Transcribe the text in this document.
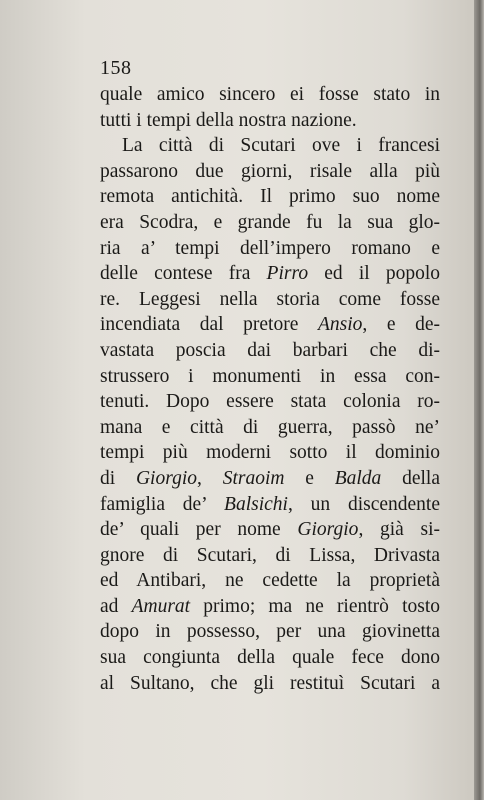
158
quale amico sincero ei fosse stato in
tutti i tempi della nostra nazione.
La città di Scutari ove i francesi
passarono due giorni, risale alla più
remota antichità. Il primo suo nome
era Scodra, e grande fu la sua glo-
ria a’ tempi dell’impero romano e
delle contese fra Pirro ed il popolo
re. Leggesi nella storia come fosse
incendiata dal pretore Ansio, e de-
vastata poscia dai barbari che di-
strussero i monumenti in essa con-
tenuti. Dopo essere stata colonia ro-
mana e città di guerra, passò ne’
tempi più moderni sotto il dominio
di Giorgio, Straoim e Balda della
famiglia de’ Balsichi, un discendente
de’ quali per nome Giorgio, già si-
gnore di Scutari, di Lissa, Drivasta
ed Antibari, ne cedette la proprietà
ad Amurat primo; ma ne rientrò tosto
dopo in possesso, per una giovinetta
sua congiunta della quale fece dono
al Sultano, che gli restituì Scutari a
